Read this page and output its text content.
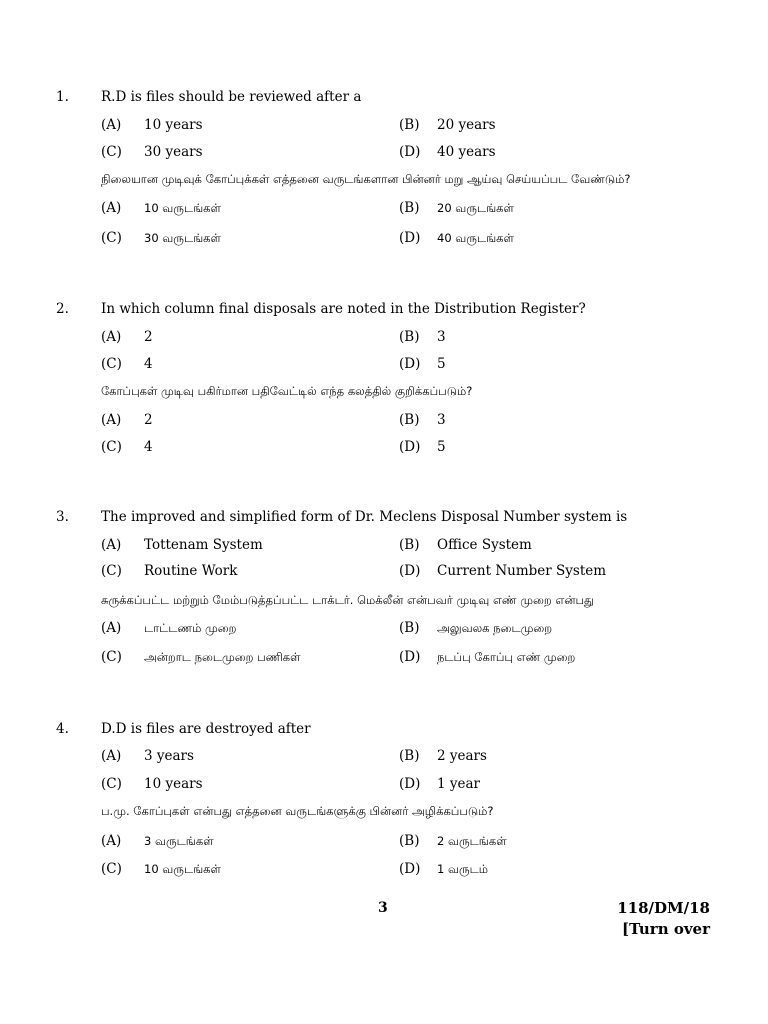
1. R.D is files should be reviewed after a
(A) 10 years	(B) 20 years
(C) 30 years	(D) 40 years
நிலையான முடிவுக் கோப்புக்கள் எத்தனை வருடங்களான பின்னர் மறு ஆய்வு செய்யப்பட வேண்டும்?
(A) 10 வருடங்கள்	(B) 20 வருடங்கள்
(C) 30 வருடங்கள்	(D) 40 வருடங்கள்
2. In which column final disposals are noted in the Distribution Register?
(A) 2	(B) 3
(C) 4	(D) 5
கோப்புகள் முடிவு பகிர்மான பதிவேட்டில் எந்த கலத்தில் குறிக்கப்படும்?
(A) 2	(B) 3
(C) 4	(D) 5
3. The improved and simplified form of Dr. Meclens Disposal Number system is
(A) Tottenam System	(B) Office System
(C) Routine Work	(D) Current Number System
சுருக்கப்பட்ட மற்றும் மேம்படுத்தப்பட்ட டாக்டர். மெக்லீன் என்பவர் முடிவு எண் முறை என்பது
(A) டாட்டணம் முறை	(B) அலுவலக நடைமுறை
(C) அன்றாட நடைமுறை பணிகள்	(D) நடப்பு கோப்பு எண் முறை
4. D.D is files are destroyed after
(A) 3 years	(B) 2 years
(C) 10 years	(D) 1 year
ப.மு. கோப்புகள் என்பது எத்தனை வருடங்களுக்கு பின்னர் அழிக்கப்படும்?
(A) 3 வருடங்கள்	(B) 2 வருடங்கள்
(C) 10 வருடங்கள்	(D) 1 வருடம்
3	118/DM/18
[Turn over
